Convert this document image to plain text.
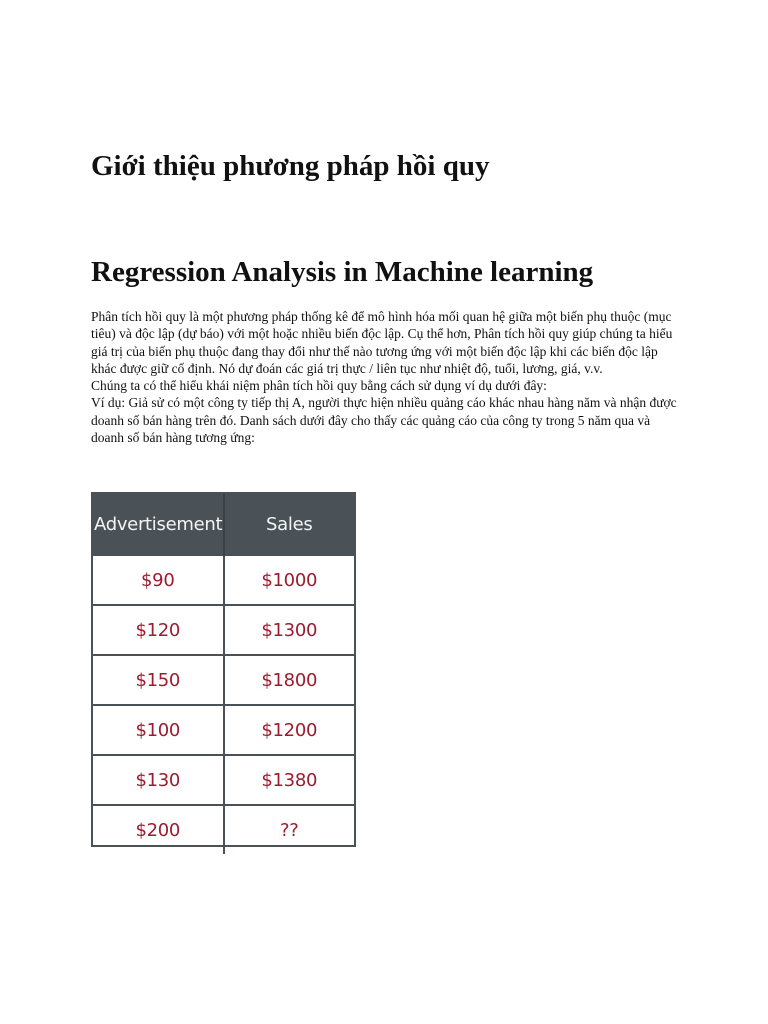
Giới thiệu phương pháp hồi quy
Regression Analysis in Machine learning

Phân tích hồi quy là một phương pháp thống kê để mô hình hóa mối quan hệ giữa một biến phụ thuộc (mục tiêu) và độc lập (dự báo) với một hoặc nhiều biến độc lập. Cụ thể hơn, Phân tích hồi quy giúp chúng ta hiểu giá trị của biến phụ thuộc đang thay đổi như thế nào tương ứng với một biến độc lập khi các biến độc lập khác được giữ cố định. Nó dự đoán các giá trị thực / liên tục như nhiệt độ, tuổi, lương, giá, v.v.

Chúng ta có thể hiểu khái niệm phân tích hồi quy bằng cách sử dụng ví dụ dưới đây:

Ví dụ: Giả sử có một công ty tiếp thị A, người thực hiện nhiều quảng cáo khác nhau hàng năm và nhận được doanh số bán hàng trên đó. Danh sách dưới đây cho thấy các quảng cáo của công ty trong 5 năm qua và doanh số bán hàng tương ứng:

Advertisement	Sales
$90	$1000
$120	$1300
$150	$1800
$100	$1200
$130	$1380
$200	??
